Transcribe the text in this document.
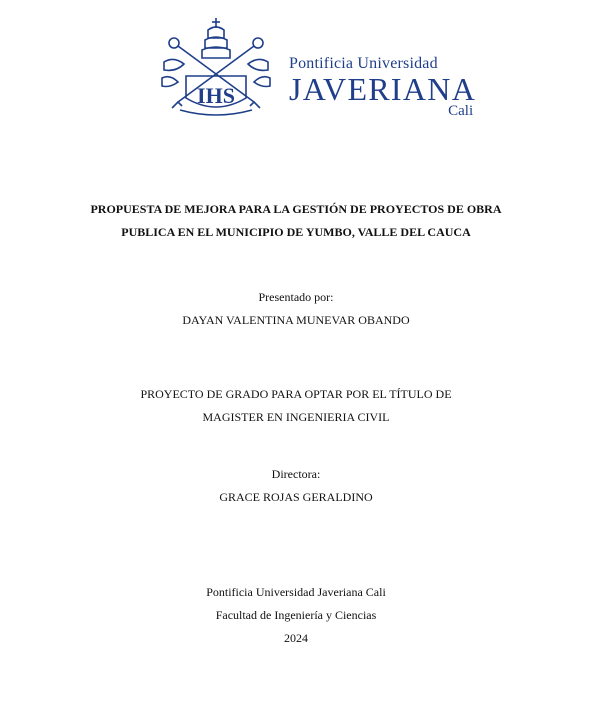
IHS
Pontificia Universidad
JAVERIANA
Cali
PROPUESTA DE MEJORA PARA LA GESTIÓN DE PROYECTOS DE OBRA
PUBLICA EN EL MUNICIPIO DE YUMBO, VALLE DEL CAUCA
Presentado por:
DAYAN VALENTINA MUNEVAR OBANDO
PROYECTO DE GRADO PARA OPTAR POR EL TÍTULO DE
MAGISTER EN INGENIERIA CIVIL
Directora:
GRACE ROJAS GERALDINO
Pontificia Universidad Javeriana Cali
Facultad de Ingeniería y Ciencias
2024
